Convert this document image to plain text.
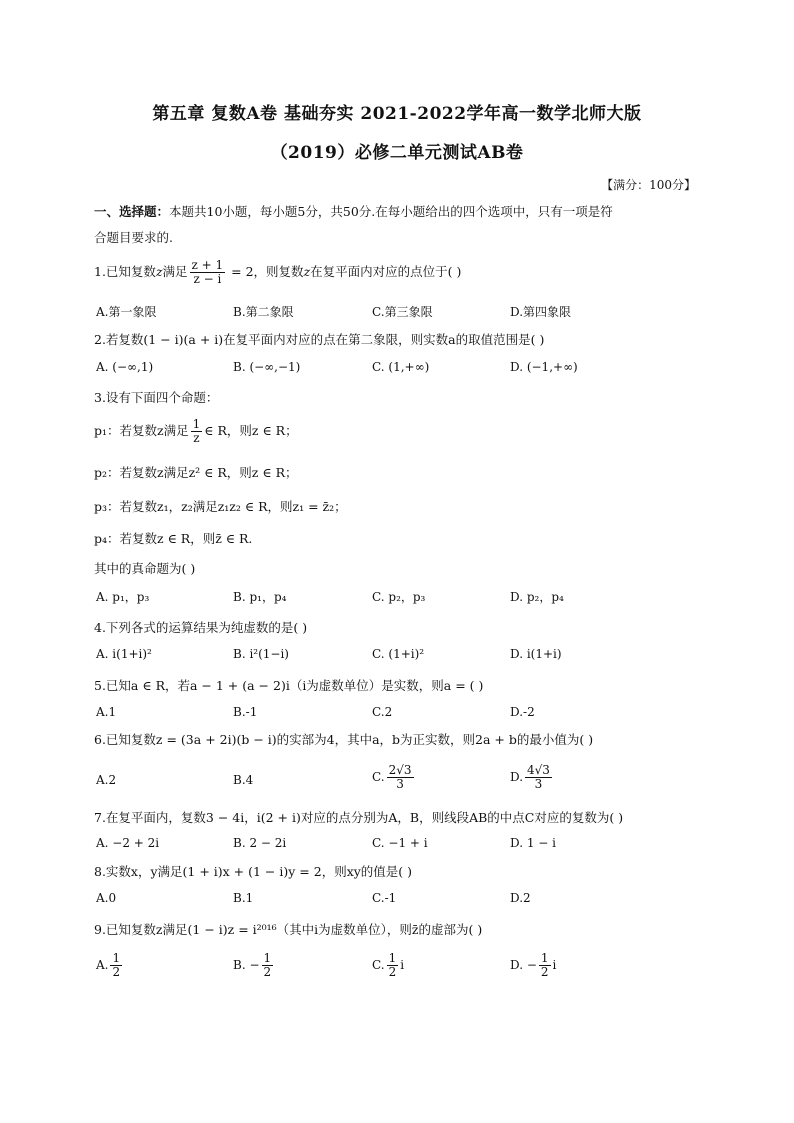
第五章 复数A卷 基础夯实 2021-2022学年高一数学北师大版
（2019）必修二单元测试AB卷
【满分：100分】
一、选择题：本题共10小题，每小题5分，共50分.在每小题给出的四个选项中，只有一项是符
合题目要求的.
1.已知复数z满足 $\frac{z + 1}{z - i} = 2$，则复数z在复平面内对应的点位于( )
A.第一象限	B.第二象限	C.第三象限	D.第四象限
2.若复数(1 − i)(a + i)在复平面内对应的点在第二象限，则实数a的取值范围是( )
A. (−∞,1)	B. (−∞,−1)	C. (1,+∞)	D. (−1,+∞)
3.设有下面四个命题：
p₁：若复数z满足 $\frac{1}{z}$ ∈ R，则z ∈ R；
p₂：若复数z满足z² ∈ R，则z ∈ R；
p₃：若复数z₁，z₂满足z₁z₂ ∈ R，则z₁ = z̄₂；
p₄：若复数z ∈ R，则z̄ ∈ R.
其中的真命题为( )
A. p₁，p₃	B. p₁，p₄	C. p₂，p₃	D. p₂，p₄
4.下列各式的运算结果为纯虚数的是( )
A. i(1+i)²	B. i²(1−i)	C. (1+i)²	D. i(1+i)
5.已知a ∈ R，若a − 1 + (a − 2)i（i为虚数单位）是实数，则a = ( )
A.1	B.-1	C.2	D.-2
6.已知复数z = (3a + 2i)(b − i)的实部为4，其中a，b为正实数，则2a + b的最小值为( )
A.2	B.4	C. $\frac{2√3}{3}$	D. $\frac{4√3}{3}$
7.在复平面内，复数3 − 4i，i(2 + i)对应的点分别为A，B，则线段AB的中点C对应的复数为( )
A. −2 + 2i	B. 2 − 2i	C. −1 + i	D. 1 − i
8.实数x，y满足(1 + i)x + (1 − i)y = 2，则xy的值是( )
A.0	B.1	C.-1	D.2
9.已知复数z满足(1 − i)z = i²⁰¹⁶（其中i为虚数单位），则z̄的虚部为( )
A. $\frac{1}{2}$	B. − $\frac{1}{2}$	C. $\frac{1}{2}$ i	D. − $\frac{1}{2}$ i
